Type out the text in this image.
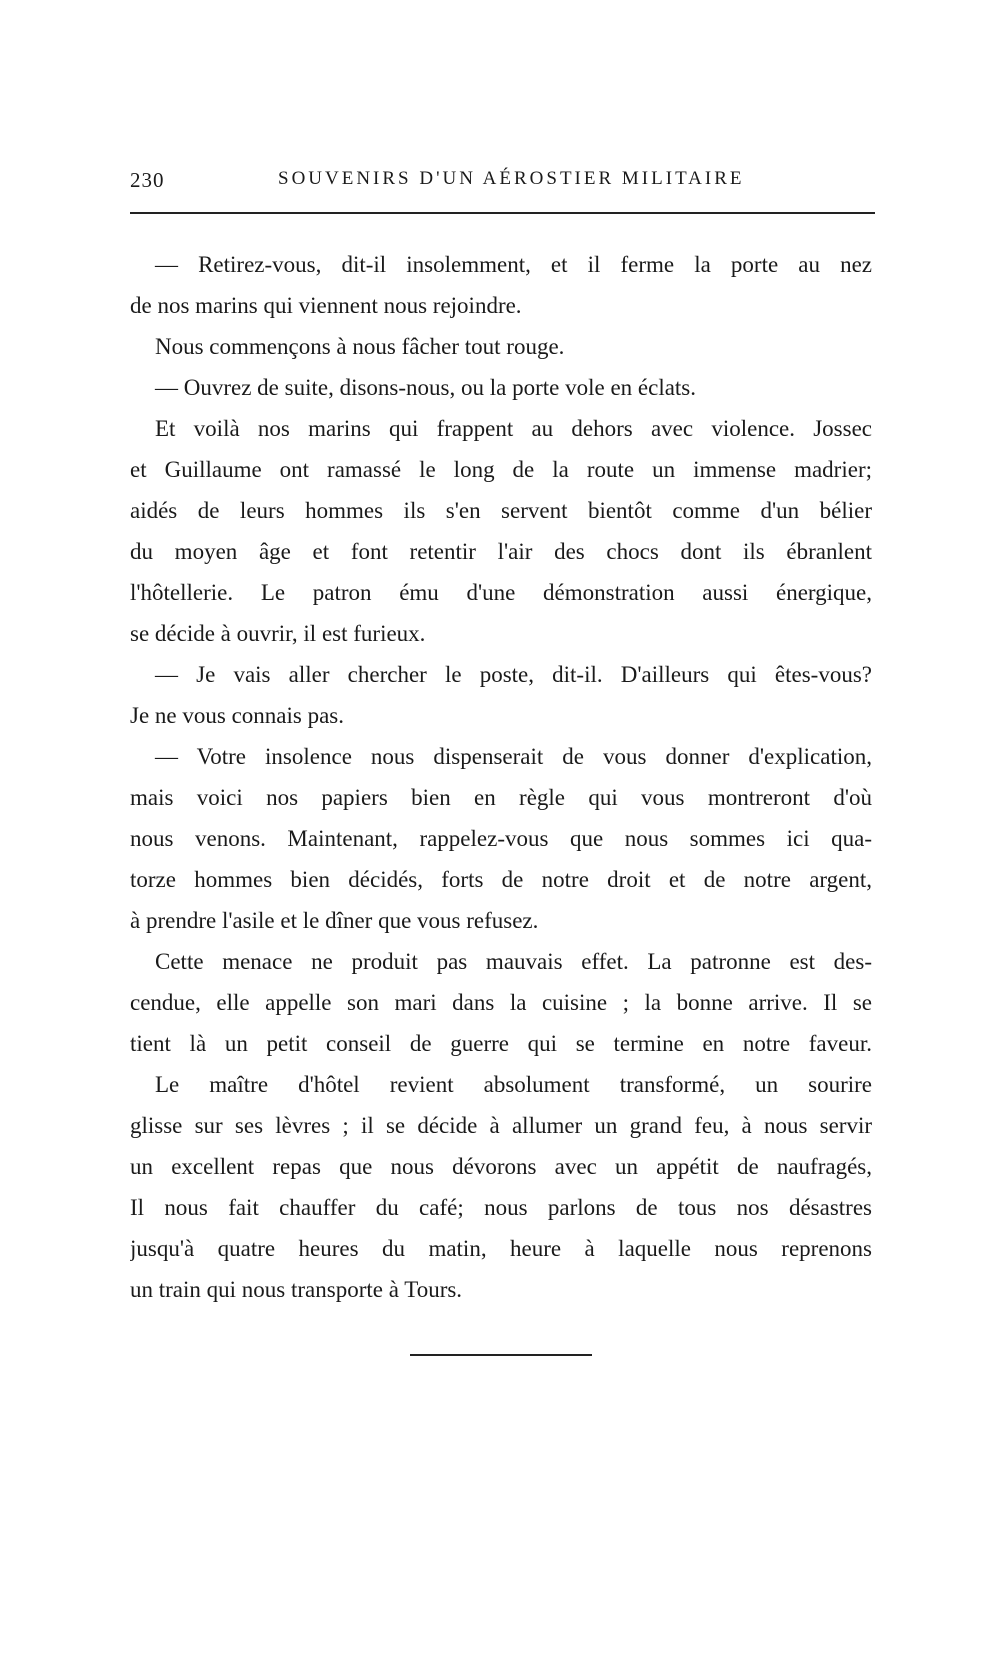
230	SOUVENIRS D'UN AÉROSTIER MILITAIRE
— Retirez-vous, dit-il insolemment, et il ferme la porte au nez
de nos marins qui viennent nous rejoindre.
Nous commençons à nous fâcher tout rouge.
— Ouvrez de suite, disons-nous, ou la porte vole en éclats.
Et voilà nos marins qui frappent au dehors avec violence. Jossec
et Guillaume ont ramassé le long de la route un immense madrier;
aidés de leurs hommes ils s'en servent bientôt comme d'un bélier
du moyen âge et font retentir l'air des chocs dont ils ébranlent
l'hôtellerie. Le patron ému d'une démonstration aussi énergique,
se décide à ouvrir, il est furieux.
— Je vais aller chercher le poste, dit-il. D'ailleurs qui êtes-vous?
Je ne vous connais pas.
— Votre insolence nous dispenserait de vous donner d'explication,
mais voici nos papiers bien en règle qui vous montreront d'où
nous venons. Maintenant, rappelez-vous que nous sommes ici qua-
torze hommes bien décidés, forts de notre droit et de notre argent,
à prendre l'asile et le dîner que vous refusez.
Cette menace ne produit pas mauvais effet. La patronne est des-
cendue, elle appelle son mari dans la cuisine ; la bonne arrive. Il se
tient là un petit conseil de guerre qui se termine en notre faveur.
Le maître d'hôtel revient absolument transformé, un sourire
glisse sur ses lèvres ; il se décide à allumer un grand feu, à nous servir
un excellent repas que nous dévorons avec un appétit de naufragés,
Il nous fait chauffer du café; nous parlons de tous nos désastres
jusqu'à quatre heures du matin, heure à laquelle nous reprenons
un train qui nous transporte à Tours.
